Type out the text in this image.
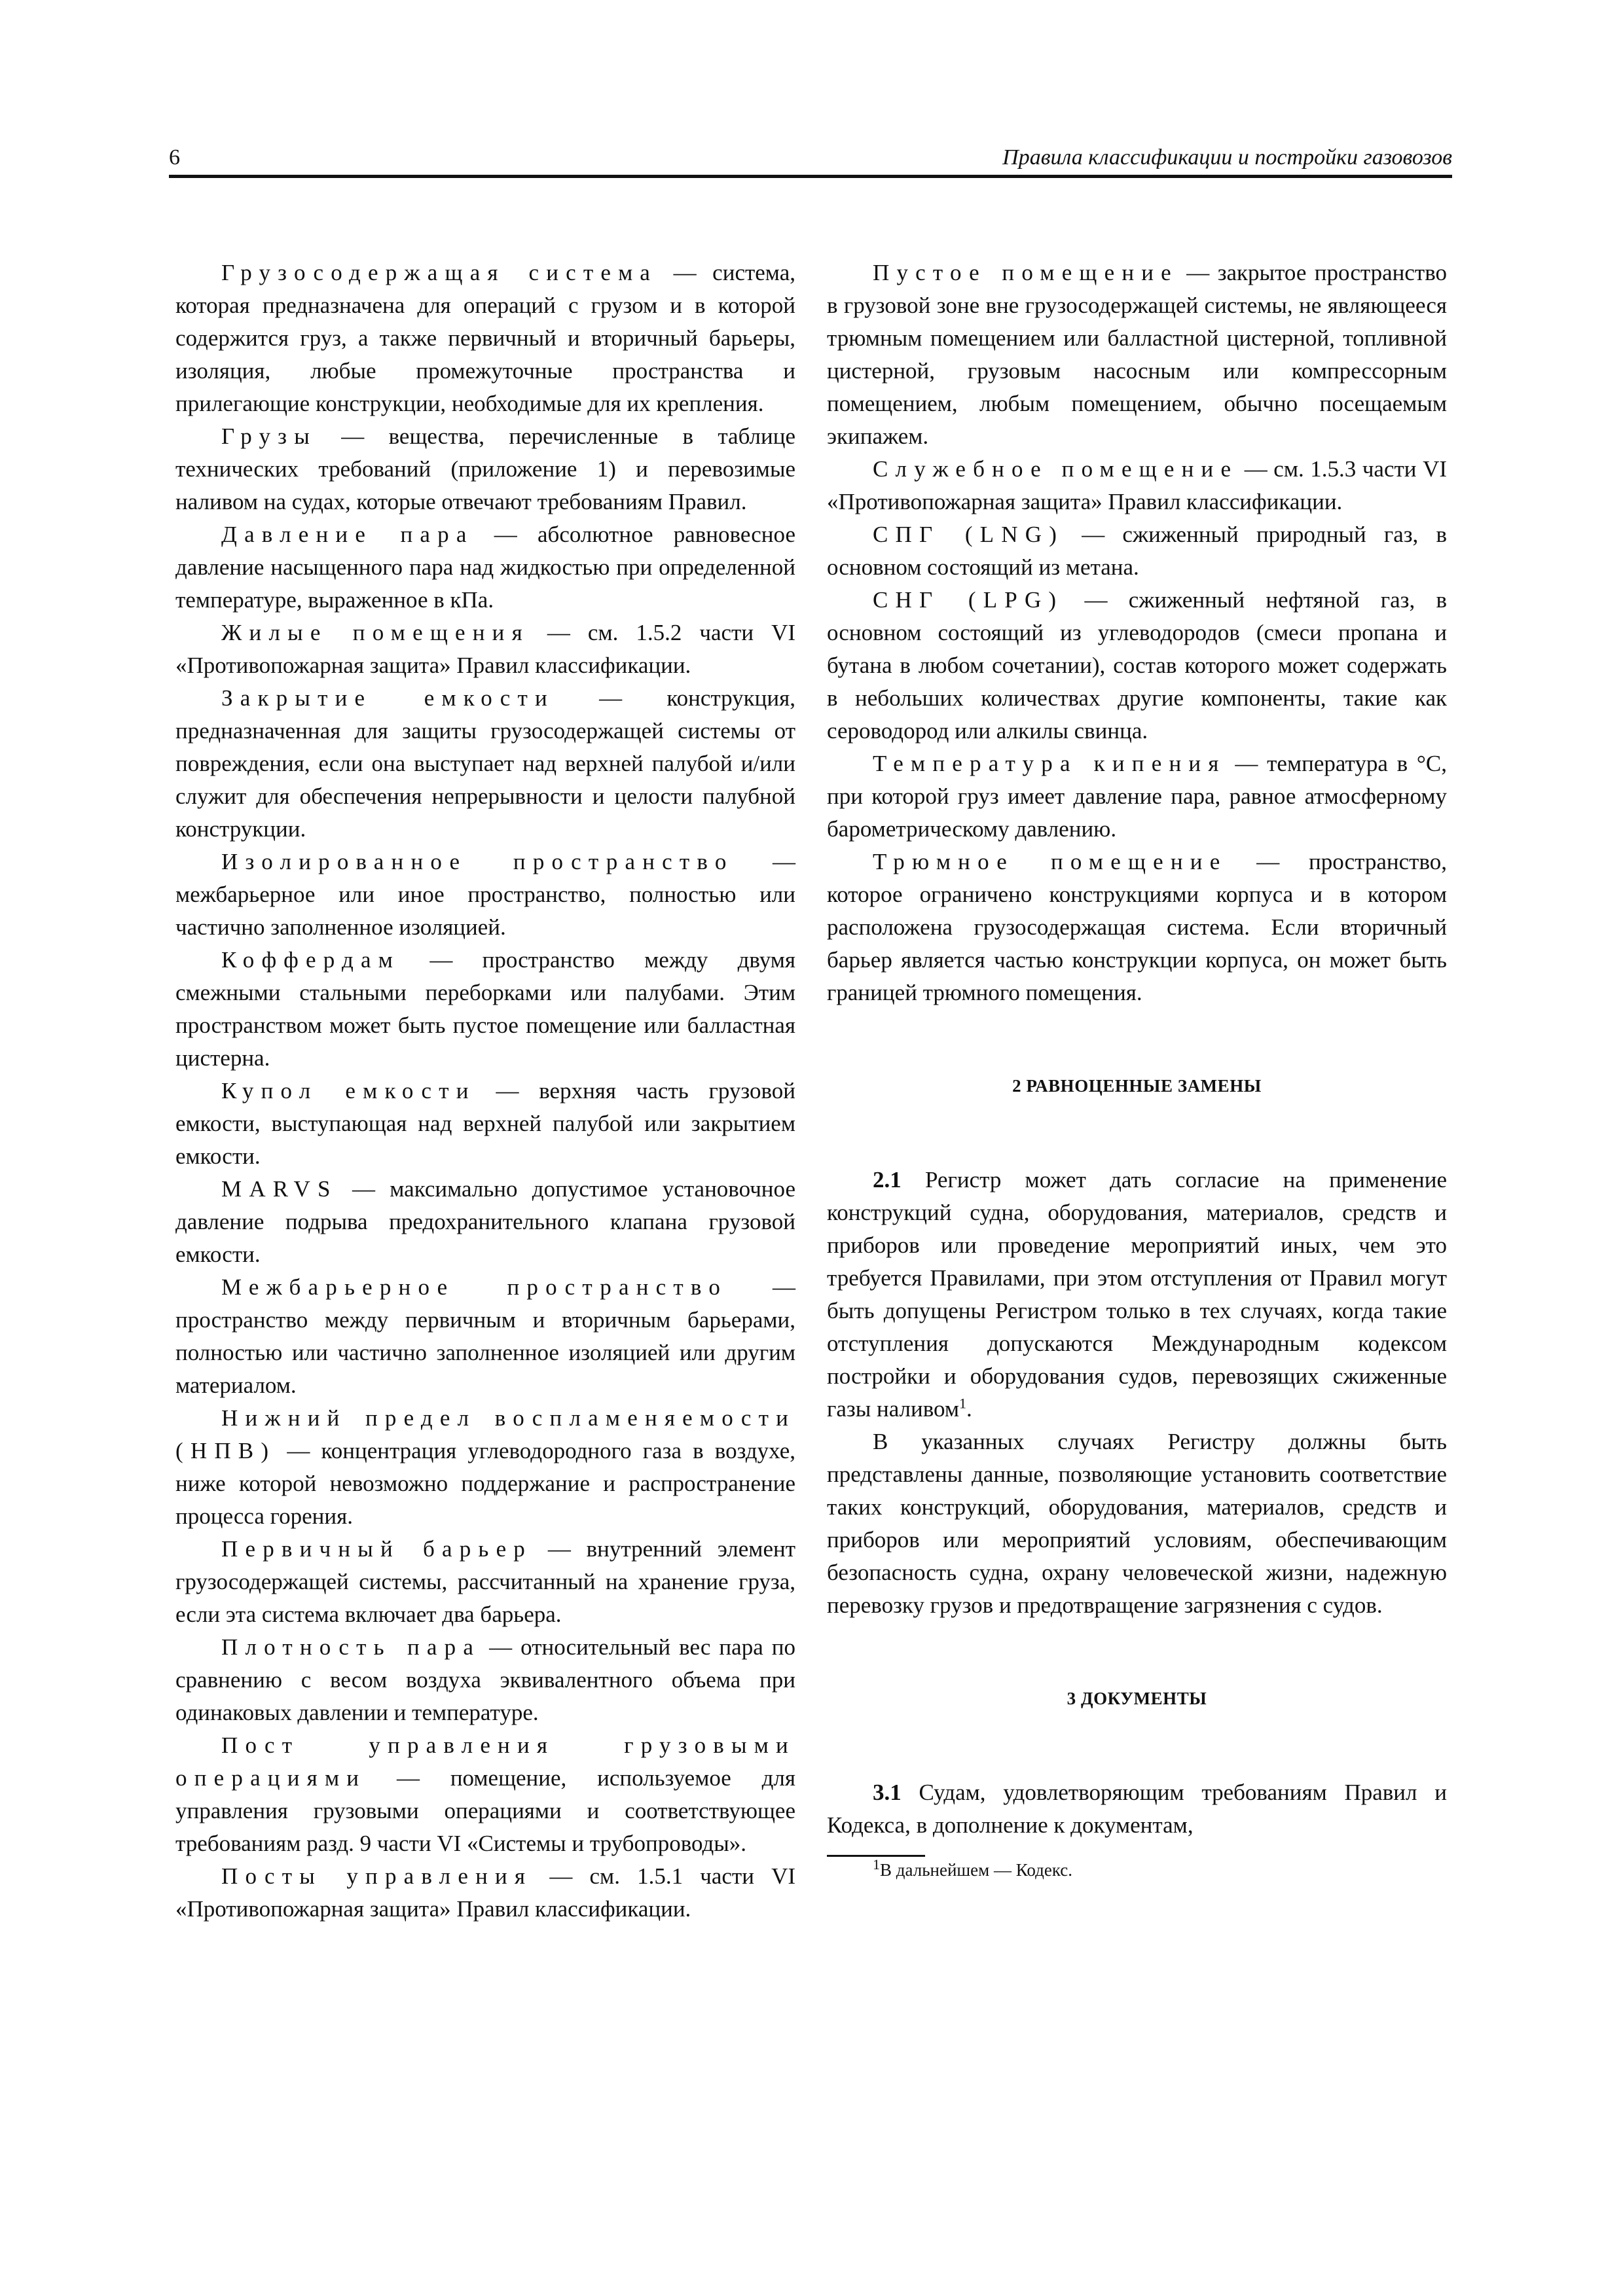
6	Правила классификации и постройки газовозов

Грузосодержащая система — система, которая предназначена для операций с грузом и в которой содержится груз, а также первичный и вторичный барьеры, изоляция, любые промежуточные пространства и прилегающие конструкции, необходимые для их крепления.

Грузы — вещества, перечисленные в таблице технических требований (приложение 1) и перевозимые наливом на судах, которые отвечают требованиям Правил.

Давление пара — абсолютное равновесное давление насыщенного пара над жидкостью при определенной температуре, выраженное в кПа.

Жилые помещения — см. 1.5.2 части VI «Противопожарная защита» Правил классификации.

Закрытие емкости — конструкция, предназначенная для защиты грузосодержащей системы от повреждения, если она выступает над верхней палубой и/или служит для обеспечения непрерывности и целости палубной конструкции.

Изолированное пространство — межбарьерное или иное пространство, полностью или частично заполненное изоляцией.

Коффердам — пространство между двумя смежными стальными переборками или палубами. Этим пространством может быть пустое помещение или балластная цистерна.

Купол емкости — верхняя часть грузовой емкости, выступающая над верхней палубой или закрытием емкости.

MARVS — максимально допустимое установочное давление подрыва предохранительного клапана грузовой емкости.

Межбарьерное пространство — пространство между первичным и вторичным барьерами, полностью или частично заполненное изоляцией или другим материалом.

Нижний предел воспламеняемости (НПВ) — концентрация углеводородного газа в воздухе, ниже которой невозможно поддержание и распространение процесса горения.

Первичный барьер — внутренний элемент грузосодержащей системы, рассчитанный на хранение груза, если эта система включает два барьера.

Плотность пара — относительный вес пара по сравнению с весом воздуха эквивалентного объема при одинаковых давлении и температуре.

Пост управления грузовыми операциями — помещение, используемое для управления грузовыми операциями и соответствующее требованиям разд. 9 части VI «Системы и трубопроводы».

Посты управления — см. 1.5.1 части VI «Противопожарная защита» Правил классификации.

Пустое помещение — закрытое пространство в грузовой зоне вне грузосодержащей системы, не являющееся трюмным помещением или балластной цистерной, топливной цистерной, грузовым насосным или компрессорным помещением, любым помещением, обычно посещаемым экипажем.

Служебное помещение — см. 1.5.3 части VI «Противопожарная защита» Правил классификации.

СПГ (LNG) — сжиженный природный газ, в основном состоящий из метана.

СНГ (LPG) — сжиженный нефтяной газ, в основном состоящий из углеводородов (смеси пропана и бутана в любом сочетании), состав которого может содержать в небольших количествах другие компоненты, такие как сероводород или алкилы свинца.

Температура кипения — температура в °С, при которой груз имеет давление пара, равное атмосферному барометрическому давлению.

Трюмное помещение — пространство, которое ограничено конструкциями корпуса и в котором расположена грузосодержащая система. Если вторичный барьер является частью конструкции корпуса, он может быть границей трюмного помещения.

2 РАВНОЦЕННЫЕ ЗАМЕНЫ

2.1 Регистр может дать согласие на применение конструкций судна, оборудования, материалов, средств и приборов или проведение мероприятий иных, чем это требуется Правилами, при этом отступления от Правил могут быть допущены Регистром только в тех случаях, когда такие отступления допускаются Международным кодексом постройки и оборудования судов, перевозящих сжиженные газы наливом$^1$.

В указанных случаях Регистру должны быть представлены данные, позволяющие установить соответствие таких конструкций, оборудования, материалов, средств и приборов или мероприятий условиям, обеспечивающим безопасность судна, охрану человеческой жизни, надежную перевозку грузов и предотвращение загрязнения с судов.

3 ДОКУМЕНТЫ

3.1 Судам, удовлетворяющим требованиям Правил и Кодекса, в дополнение к документам,

$^1$В дальнейшем — Кодекс.
